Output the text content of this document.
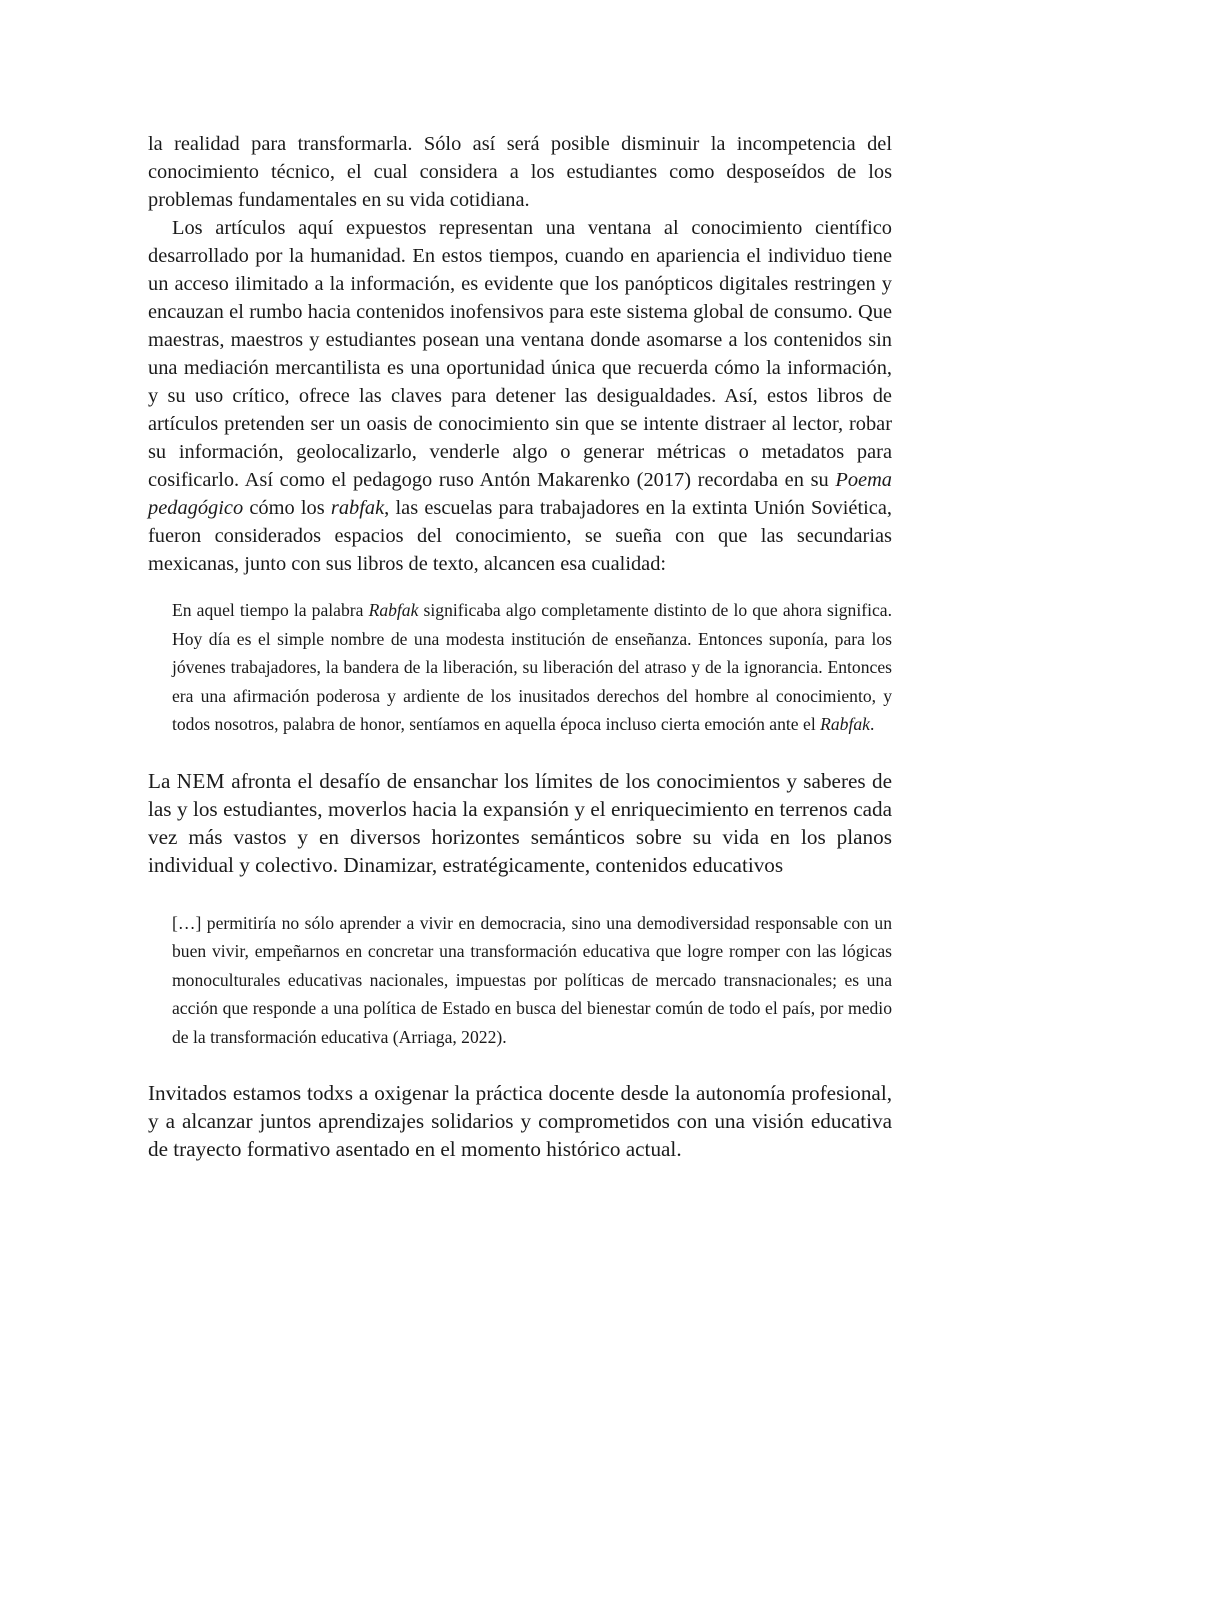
la realidad para transformarla. Sólo así será posible disminuir la incompetencia del conocimiento técnico, el cual considera a los estudiantes como desposeídos de los problemas fundamentales en su vida cotidiana.

Los artículos aquí expuestos representan una ventana al conocimiento científico desarrollado por la humanidad. En estos tiempos, cuando en apariencia el individuo tiene un acceso ilimitado a la información, es evidente que los panópticos digitales restringen y encauzan el rumbo hacia contenidos inofensivos para este sistema global de consumo. Que maestras, maestros y estudiantes posean una ventana donde asomarse a los contenidos sin una mediación mercantilista es una oportunidad única que recuerda cómo la información, y su uso crítico, ofrece las claves para detener las desigualdades. Así, estos libros de artículos pretenden ser un oasis de conocimiento sin que se intente distraer al lector, robar su información, geolocalizarlo, venderle algo o generar métricas o metadatos para cosificarlo. Así como el pedagogo ruso Antón Makarenko (2017) recordaba en su Poema pedagógico cómo los rabfak, las escuelas para trabajadores en la extinta Unión Soviética, fueron considerados espacios del conocimiento, se sueña con que las secundarias mexicanas, junto con sus libros de texto, alcancen esa cualidad:

En aquel tiempo la palabra Rabfak significaba algo completamente distinto de lo que ahora significa. Hoy día es el simple nombre de una modesta institución de enseñanza. Entonces suponía, para los jóvenes trabajadores, la bandera de la liberación, su liberación del atraso y de la ignorancia. Entonces era una afirmación poderosa y ardiente de los inusitados derechos del hombre al conocimiento, y todos nosotros, palabra de honor, sentíamos en aquella época incluso cierta emoción ante el Rabfak.

La NEM afronta el desafío de ensanchar los límites de los conocimientos y saberes de las y los estudiantes, moverlos hacia la expansión y el enriquecimiento en terrenos cada vez más vastos y en diversos horizontes semánticos sobre su vida en los planos individual y colectivo. Dinamizar, estratégicamente, contenidos educativos

[…] permitiría no sólo aprender a vivir en democracia, sino una demodiversidad responsable con un buen vivir, empeñarnos en concretar una transformación educativa que logre romper con las lógicas monoculturales educativas nacionales, impuestas por políticas de mercado transnacionales; es una acción que responde a una política de Estado en busca del bienestar común de todo el país, por medio de la transformación educativa (Arriaga, 2022).

Invitados estamos todxs a oxigenar la práctica docente desde la autonomía profesional, y a alcanzar juntos aprendizajes solidarios y comprometidos con una visión educativa de trayecto formativo asentado en el momento histórico actual.
